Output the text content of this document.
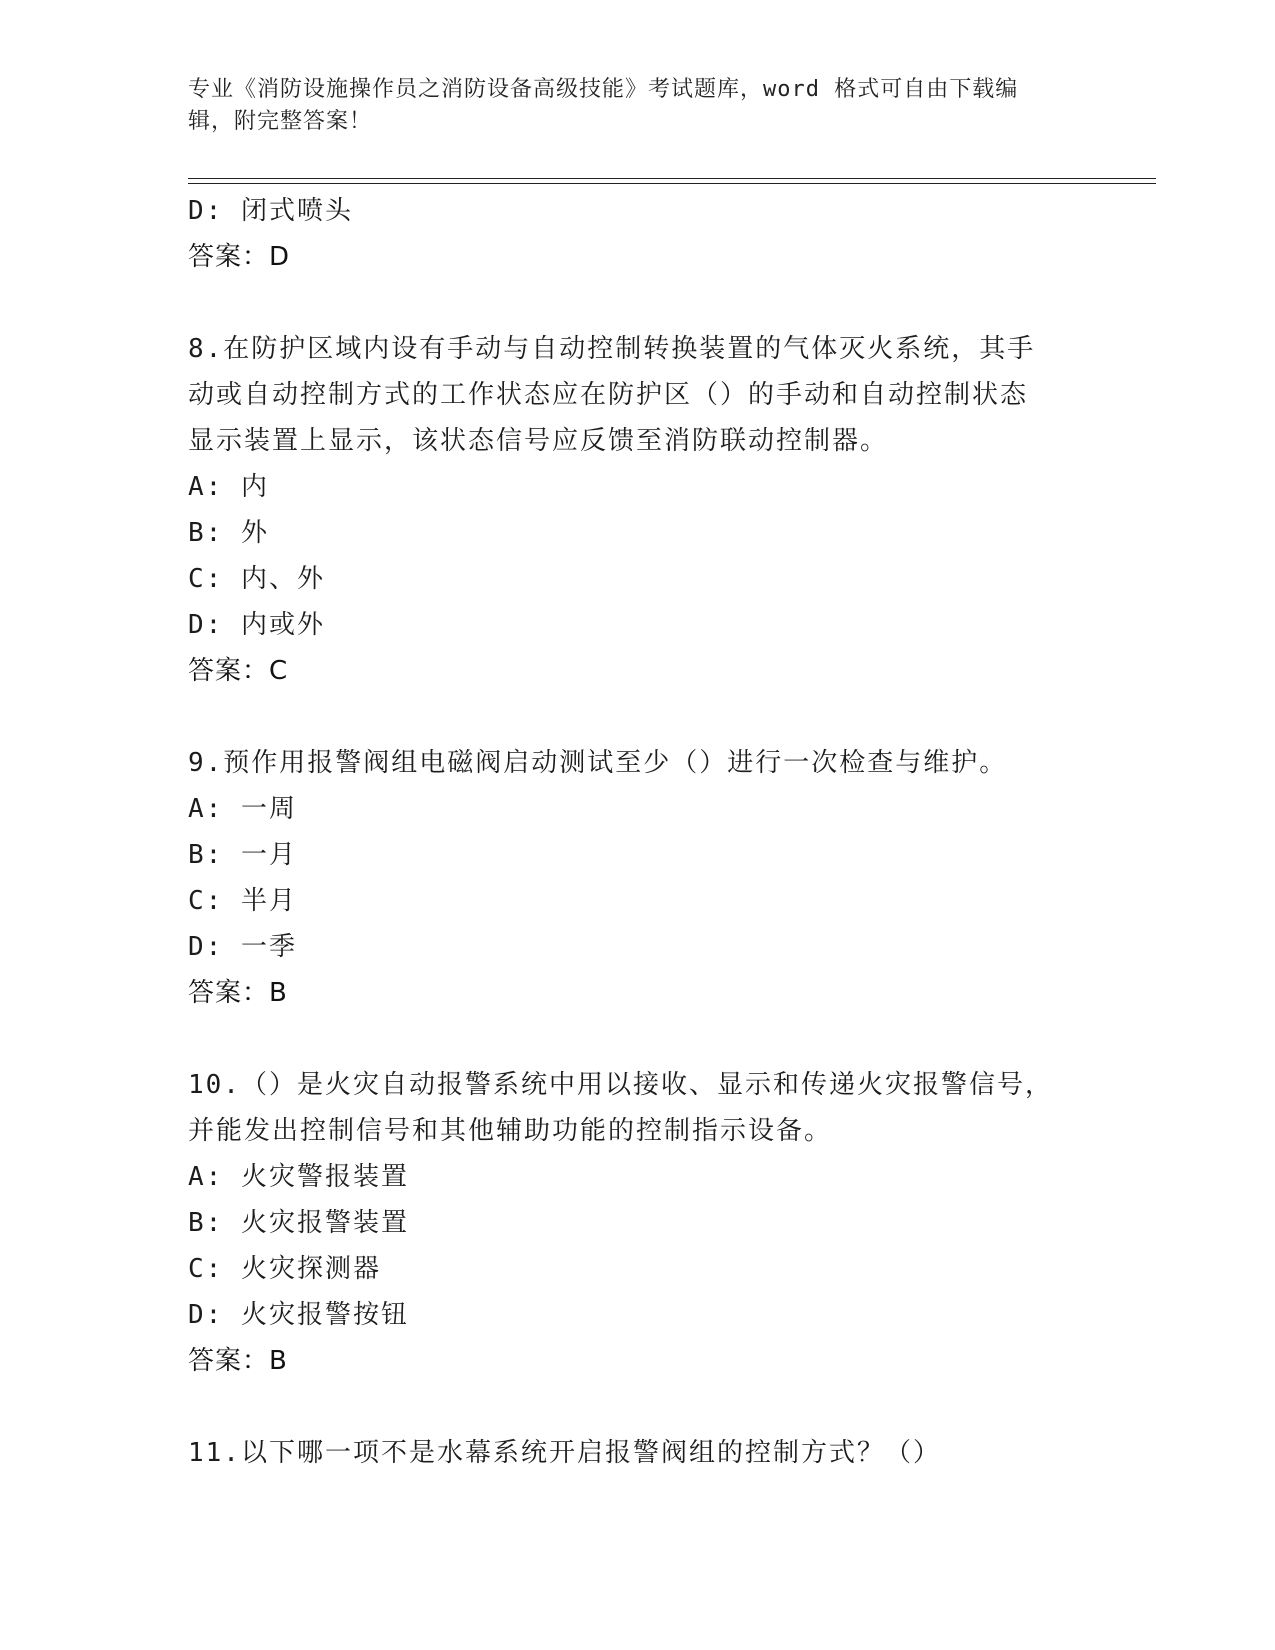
专业《消防设施操作员之消防设备高级技能》考试题库，word 格式可自由下载编
辑，附完整答案！
D: 闭式喷头
答案：D
8.在防护区域内设有手动与自动控制转换装置的气体灭火系统，其手
动或自动控制方式的工作状态应在防护区（）的手动和自动控制状态
显示装置上显示，该状态信号应反馈至消防联动控制器。
A: 内
B: 外
C: 内、外
D: 内或外
答案：C
9.预作用报警阀组电磁阀启动测试至少（）进行一次检查与维护。
A: 一周
B: 一月
C: 半月
D: 一季
答案：B
10.（）是火灾自动报警系统中用以接收、显示和传递火灾报警信号，
并能发出控制信号和其他辅助功能的控制指示设备。
A: 火灾警报装置
B: 火灾报警装置
C: 火灾探测器
D: 火灾报警按钮
答案：B
11.以下哪一项不是水幕系统开启报警阀组的控制方式？（）
